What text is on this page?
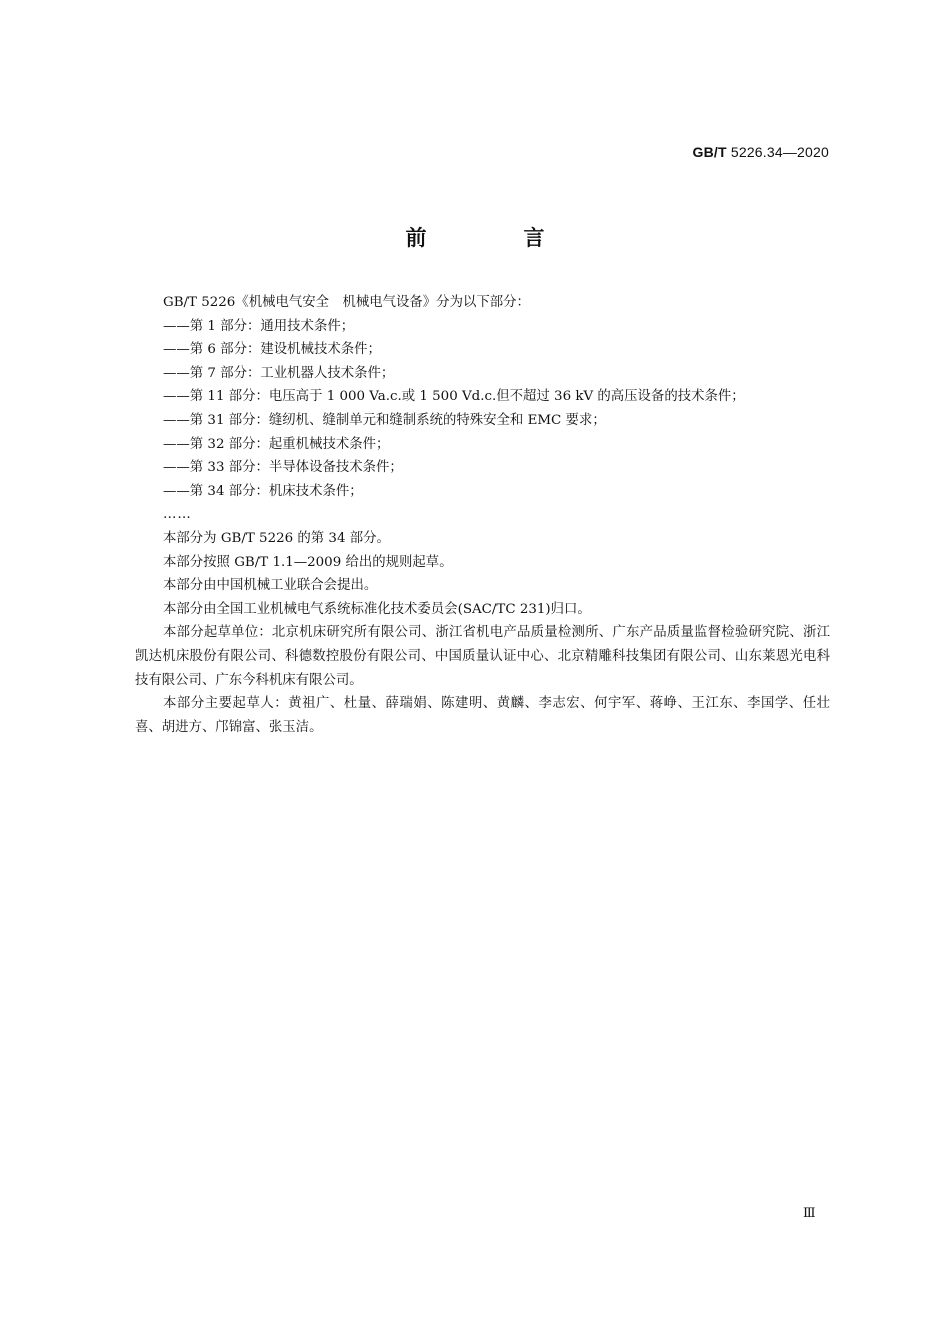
GB/T 5226.34—2020
前　言

GB/T 5226《机械电气安全　机械电气设备》分为以下部分：

——第 1 部分：通用技术条件；

——第 6 部分：建设机械技术条件；

——第 7 部分：工业机器人技术条件；

——第 11 部分：电压高于 1 000 Va.c.或 1 500 Vd.c.但不超过 36 kV 的高压设备的技术条件；

——第 31 部分：缝纫机、缝制单元和缝制系统的特殊安全和 EMC 要求；

——第 32 部分：起重机械技术条件；

——第 33 部分：半导体设备技术条件；

——第 34 部分：机床技术条件；

……

本部分为 GB/T 5226 的第 34 部分。

本部分按照 GB/T 1.1—2009 给出的规则起草。

本部分由中国机械工业联合会提出。

本部分由全国工业机械电气系统标准化技术委员会(SAC/TC 231)归口。

本部分起草单位：北京机床研究所有限公司、浙江省机电产品质量检测所、广东产品质量监督检验研究院、浙江凯达机床股份有限公司、科德数控股份有限公司、中国质量认证中心、北京精雕科技集团有限公司、山东莱恩光电科技有限公司、广东今科机床有限公司。

本部分主要起草人：黄祖广、杜量、薛瑞娟、陈建明、黄麟、李志宏、何宇军、蒋峥、王江东、李国学、任壮喜、胡进方、邝锦富、张玉洁。

Ⅲ
